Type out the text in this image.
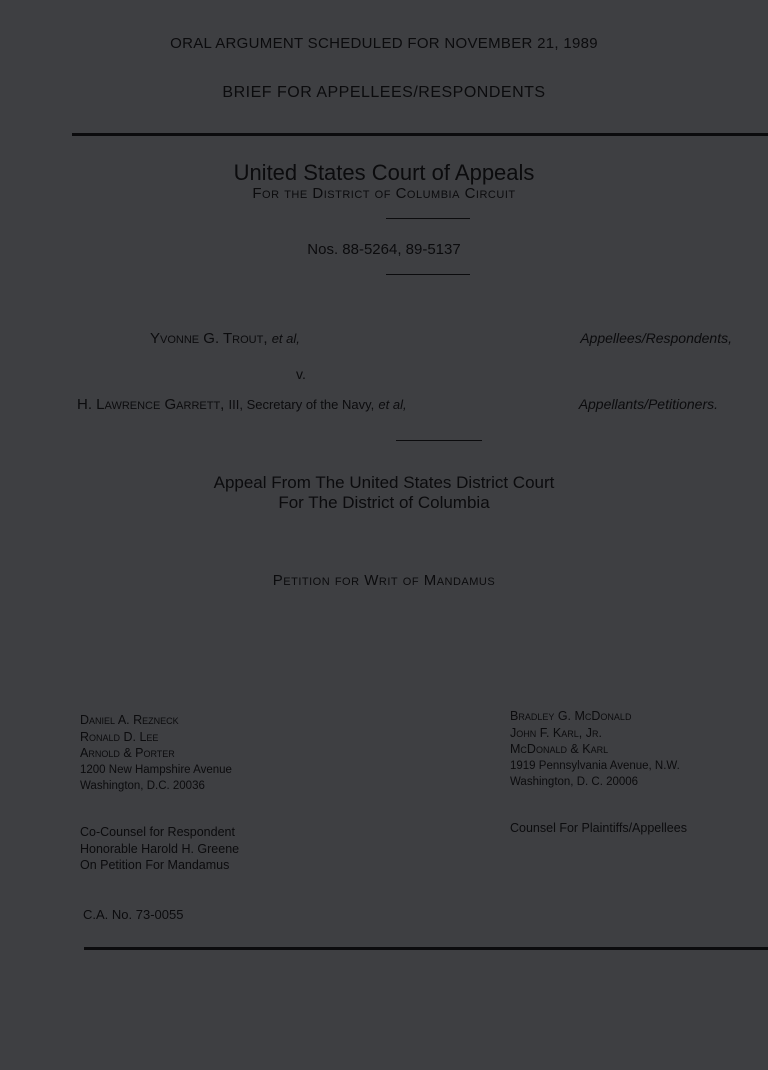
ORAL ARGUMENT SCHEDULED FOR NOVEMBER 21, 1989
BRIEF FOR APPELLEES/RESPONDENTS
United States Court of Appeals
For the District of Columbia Circuit
Nos. 88-5264, 89-5137
Yvonne G. Trout, et al,	Appellees/Respondents,
v.
H. Lawrence Garrett, III, Secretary of the Navy, et al,	Appellants/Petitioners.
Appeal From The United States District Court
For The District of Columbia
Petition for Writ of Mandamus
Daniel A. Rezneck
Ronald D. Lee
Arnold & Porter
1200 New Hampshire Avenue
Washington, D.C. 20036
Bradley G. McDonald
John F. Karl, Jr.
McDonald & Karl
1919 Pennsylvania Avenue, N.W.
Washington, D. C. 20006
Co-Counsel for Respondent
Honorable Harold H. Greene
On Petition For Mandamus
Counsel For Plaintiffs/Appellees
C.A. No. 73-0055
